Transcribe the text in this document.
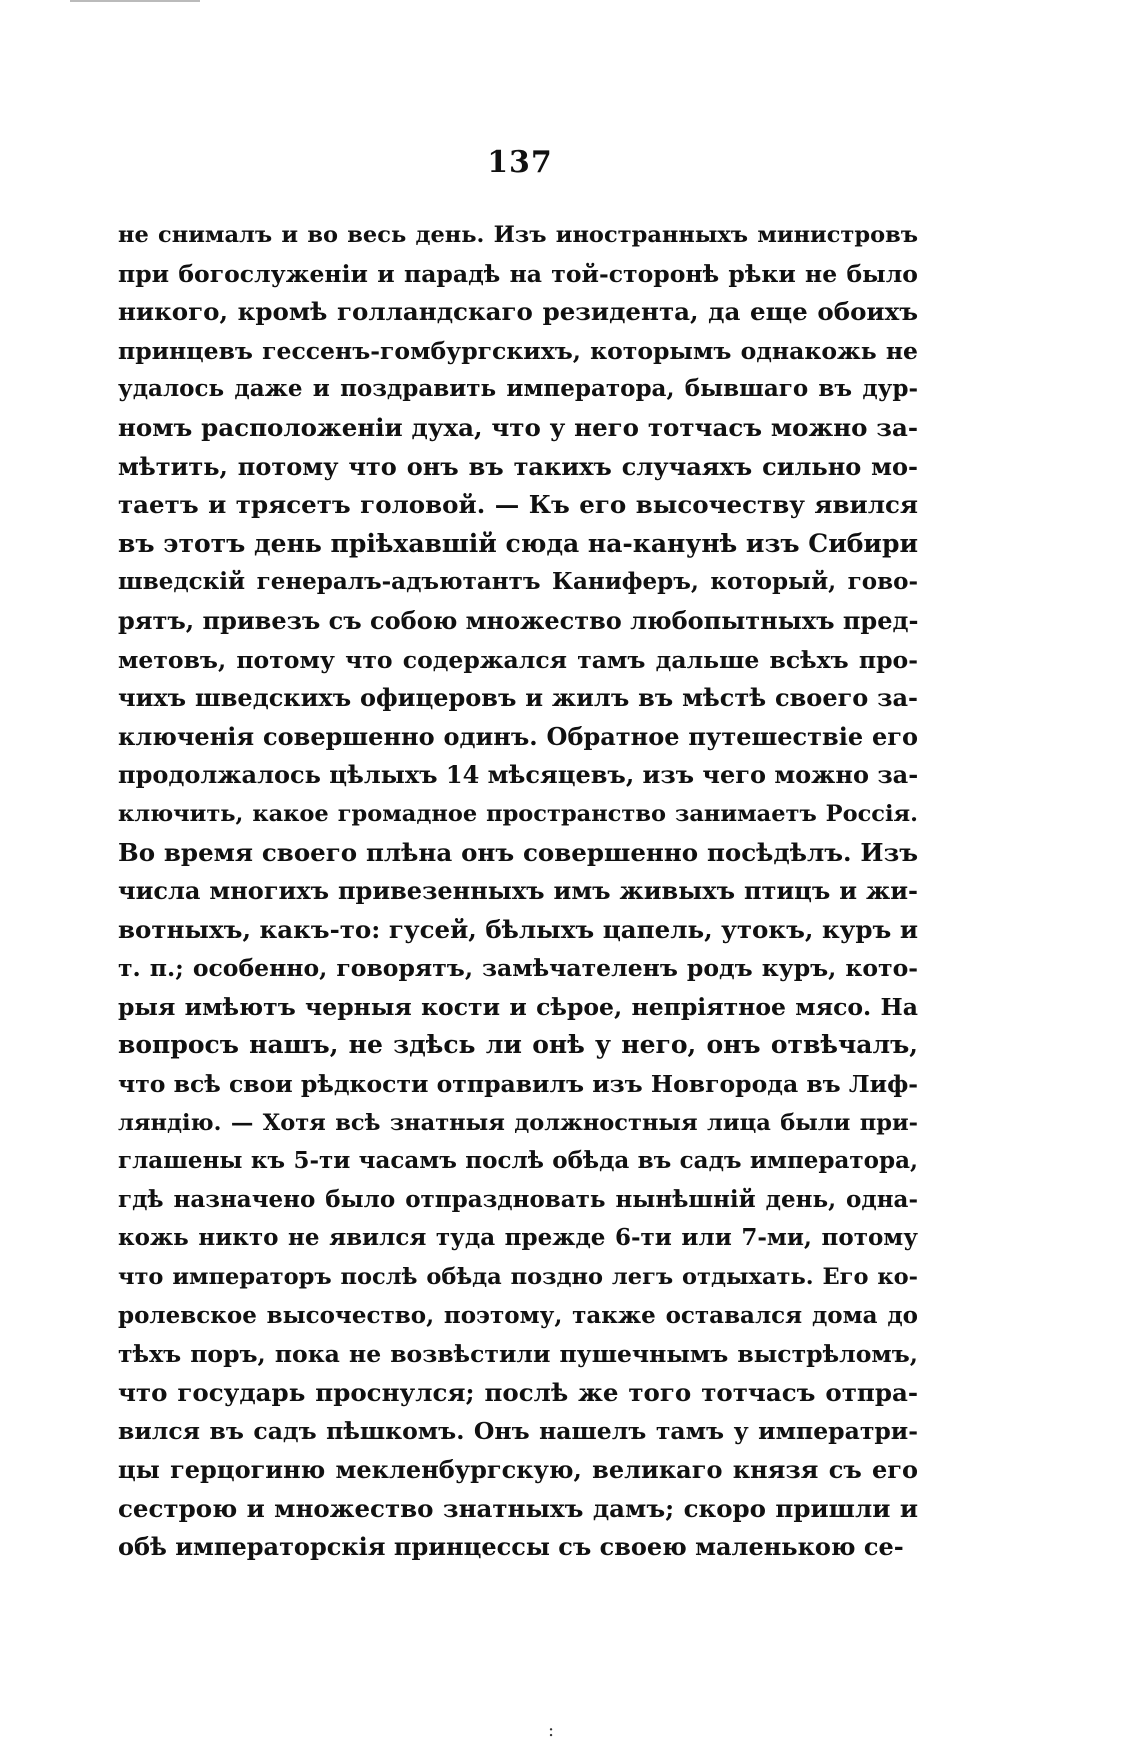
137
не снималъ и во весь день. Изъ иностранныхъ министровъ
при богослуженіи и парадѣ на той-сторонѣ рѣки не было
никого, кромѣ голландскаго резидента, да еще обоихъ
принцевъ гессенъ-гомбургскихъ, которымъ однакожь не
удалось даже и поздравить императора, бывшаго въ дур-
номъ расположеніи духа, что у него тотчасъ можно за-
мѣтить, потому что онъ въ такихъ случаяхъ сильно мо-
таетъ и трясетъ головой. — Къ его высочеству явился
въ этотъ день пріѣхавшій сюда на-канунѣ изъ Сибири
шведскій генералъ-адъютантъ Каниферъ, который, гово-
рятъ, привезъ съ собою множество любопытныхъ пред-
метовъ, потому что содержался тамъ дальше всѣхъ про-
чихъ шведскихъ офицеровъ и жилъ въ мѣстѣ своего за-
ключенія совершенно одинъ. Обратное путешествіе его
продолжалось цѣлыхъ 14 мѣсяцевъ, изъ чего можно за-
ключить, какое громадное пространство занимаетъ Россія.
Во время своего плѣна онъ совершенно посѣдѣлъ. Изъ
числа многихъ привезенныхъ имъ живыхъ птицъ и жи-
вотныхъ, какъ-то: гусей, бѣлыхъ цапель, утокъ, куръ и
т. п.; особенно, говорятъ, замѣчателенъ родъ куръ, кото-
рыя имѣютъ черныя кости и сѣрое, непріятное мясо. На
вопросъ нашъ, не здѣсь ли онѣ у него, онъ отвѣчалъ,
что всѣ свои рѣдкости отправилъ изъ Новгорода въ Лиф-
ляндію. — Хотя всѣ знатныя должностныя лица были при-
глашены къ 5-ти часамъ послѣ обѣда въ садъ императора,
гдѣ назначено было отпраздновать нынѣшній день, одна-
кожь никто не явился туда прежде 6-ти или 7-ми, потому
что императоръ послѣ обѣда поздно легъ отдыхать. Его ко-
ролевское высочество, поэтому, также оставался дома до
тѣхъ поръ, пока не возвѣстили пушечнымъ выстрѣломъ,
что государь проснулся; послѣ же того тотчасъ отпра-
вился въ садъ пѣшкомъ. Онъ нашелъ тамъ у императри-
цы герцогиню мекленбургскую, великаго князя съ его
сестрою и множество знатныхъ дамъ; скоро пришли и
обѣ императорскія принцессы съ своею маленькою се-
:
